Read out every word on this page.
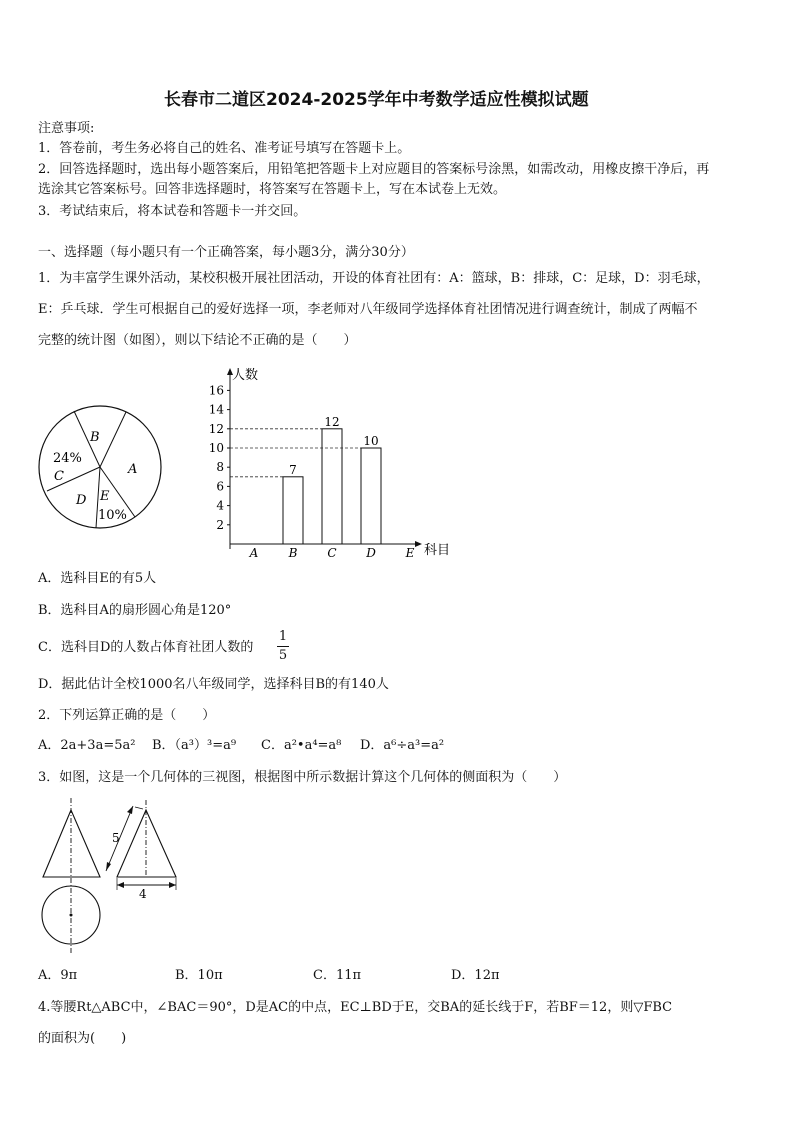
长春市二道区2024-2025学年中考数学适应性模拟试题
注意事项:
1．答卷前，考生务必将自己的姓名、准考证号填写在答题卡上。
2．回答选择题时，选出每小题答案后，用铅笔把答题卡上对应题目的答案标号涂黑，如需改动，用橡皮擦干净后，再
选涂其它答案标号。回答非选择题时，将答案写在答题卡上，写在本试卷上无效。
3．考试结束后，将本试卷和答题卡一并交回。
一、选择题（每小题只有一个正确答案，每小题3分，满分30分）
1．为丰富学生课外活动，某校积极开展社团活动，开设的体育社团有：A：篮球，B：排球，C：足球，D：羽毛球，
E：乒乓球．学生可根据自己的爱好选择一项，李老师对八年级同学选择体育社团情况进行调查统计，制成了两幅不
完整的统计图（如图），则以下结论不正确的是（　　）
B
A
E
10%
D
24%
C
2
4
6
8
10
12
14
16
A	B C D E
7
12
10
人数
科目
A．选科目E的有5人
B．选科目A的扇形圆心角是120°
C．选科目D的人数占体育社团人数的
1
5
D．据此估计全校1000名八年级同学，选择科目B的有140人
2．下列运算正确的是（　　）
A．2a+3a=5a² B．（a³）³=a⁹ C．a²•a⁴=a⁸ D．a⁶÷a³=a²
3．如图，这是一个几何体的三视图，根据图中所示数据计算这个几何体的侧面积为（　　）
5
4
A．9π	B．10π	C．11π	D．12π
4.等腰Rt△ABC中，∠BAC＝90°，D是AC的中点，EC⊥BD于E，交BA的延长线于F，若BF＝12，则▽FBC
的面积为(　　)
